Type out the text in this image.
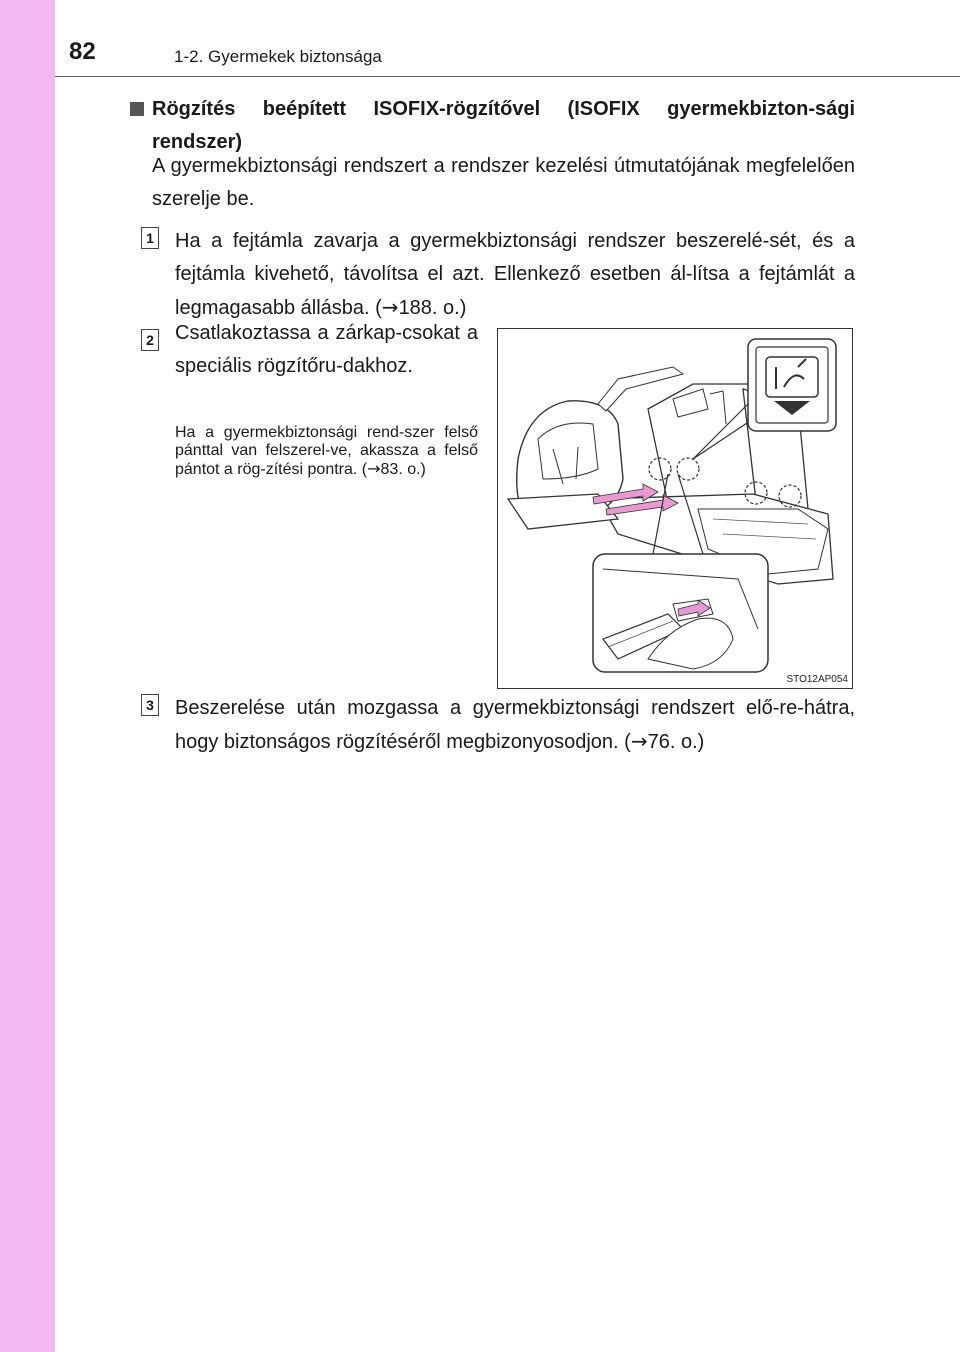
82	1-2. Gyermekek biztonsága
Rögzítés beépített ISOFIX-rögzítővel (ISOFIX gyermekbizton-sági rendszer)
A gyermekbiztonsági rendszert a rendszer kezelési útmutatójának megfelelően szerelje be.
1 Ha a fejtámla zavarja a gyermekbiztonsági rendszer beszerelé-sét, és a fejtámla kivehető, távolítsa el azt. Ellenkező esetben ál-lítsa a fejtámlát a legmagasabb állásba. (→188. o.)
2 Csatlakoztassa a zárkap-csokat a speciális rögzítőru-dakhoz.
Ha a gyermekbiztonsági rend-szer felső pánttal van felszerel-ve, akassza a felső pántot a rög-zítési pontra. (→83. o.)
STO12AP054
3 Beszerelése után mozgassa a gyermekbiztonsági rendszert elő-re-hátra, hogy biztonságos rögzítéséről megbizonyosodjon. (→76. o.)
